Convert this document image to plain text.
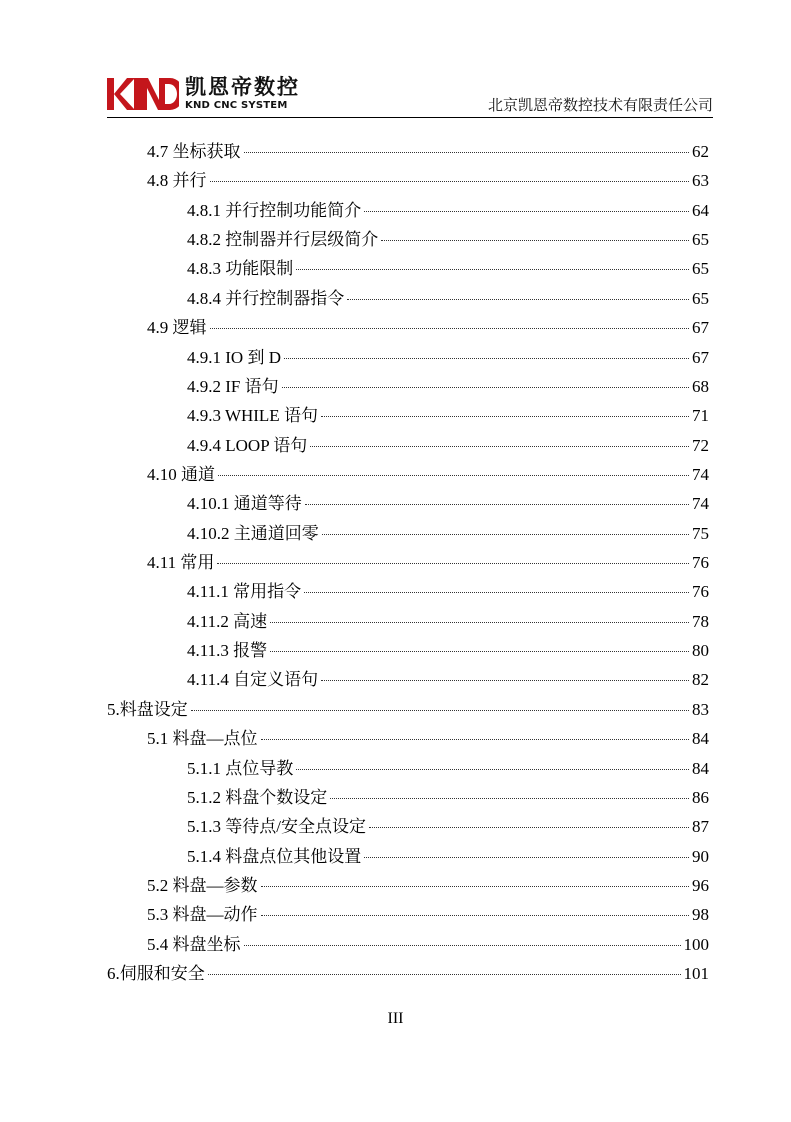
凯恩帝数控
KND CNC SYSTEM	北京凯恩帝数控技术有限责任公司
4.7 坐标获取	62
4.8 并行	63
4.8.1 并行控制功能简介	64
4.8.2 控制器并行层级简介	65
4.8.3 功能限制	65
4.8.4 并行控制器指令	65
4.9 逻辑	67
4.9.1 IO 到 D	67
4.9.2 IF 语句	68
4.9.3 WHILE 语句	71
4.9.4 LOOP 语句	72
4.10 通道	74
4.10.1 通道等待	74
4.10.2 主通道回零	75
4.11 常用	76
4.11.1 常用指令	76
4.11.2 高速	78
4.11.3 报警	80
4.11.4 自定义语句	82
5.料盘设定	83
5.1 料盘—点位	84
5.1.1 点位导教	84
5.1.2 料盘个数设定	86
5.1.3 等待点/安全点设定	87
5.1.4 料盘点位其他设置	90
5.2 料盘—参数	96
5.3 料盘—动作	98
5.4 料盘坐标	100
6.伺服和安全	101
III
